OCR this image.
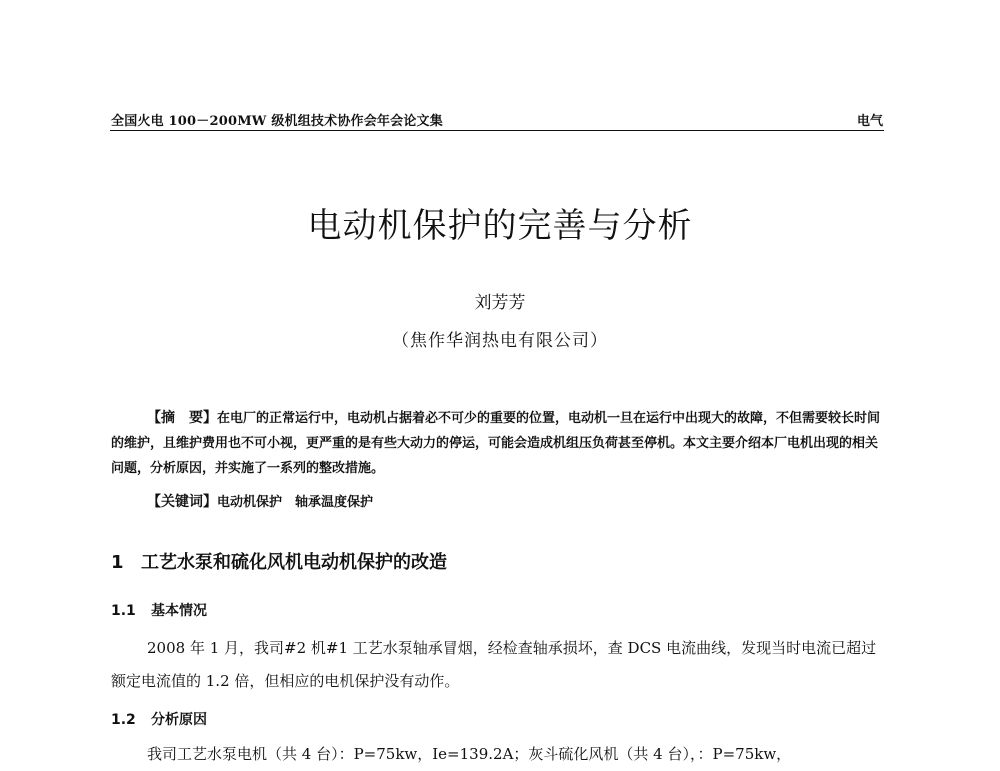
全国火电 100－200MW 级机组技术协作会年会论文集	电气
电动机保护的完善与分析
刘芳芳
（焦作华润热电有限公司）
【摘　要】在电厂的正常运行中，电动机占据着必不可少的重要的位置，电动机一旦在运行中出现大的故障，不但需要较长时间的维护，且维护费用也不可小视，更严重的是有些大动力的停运，可能会造成机组压负荷甚至停机。本文主要介绍本厂电机出现的相关问题，分析原因，并实施了一系列的整改措施。
【关键词】电动机保护　轴承温度保护
1 工艺水泵和硫化风机电动机保护的改造
1.1 基本情况
2008 年 1 月，我司#2 机#1 工艺水泵轴承冒烟，经检查轴承损坏，查 DCS 电流曲线，发现当时电流已超过额定电流值的 1.2 倍，但相应的电机保护没有动作。
1.2 分析原因
我司工艺水泵电机（共 4 台）：P=75kw，Ie=139.2A；灰斗硫化风机（共 4 台），：P=75kw，
